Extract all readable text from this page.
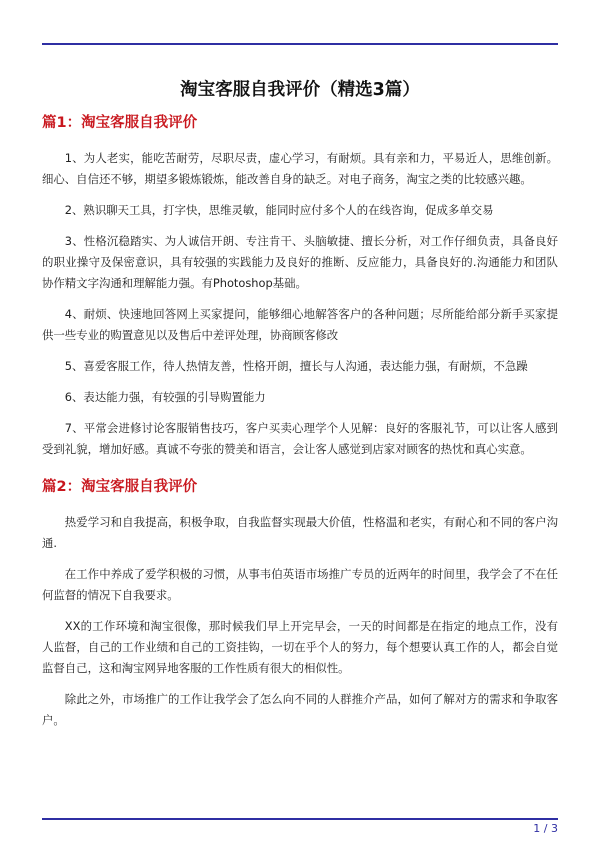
淘宝客服自我评价（精选3篇）
篇1：淘宝客服自我评价

1、为人老实，能吃苦耐劳，尽职尽责，虚心学习，有耐烦。具有亲和力，平易近人，思维创新。细心、自信还不够，期望多锻炼锻炼，能改善自身的缺乏。对电子商务，淘宝之类的比较感兴趣。

2、熟识聊天工具，打字快，思维灵敏，能同时应付多个人的在线咨询，促成多单交易

3、性格沉稳踏实、为人诚信开朗、专注肯干、头脑敏捷、擅长分析，对工作仔细负责，具备良好的职业操守及保密意识，具有较强的实践能力及良好的推断、反应能力，具备良好的.沟通能力和团队协作精文字沟通和理解能力强。有Photoshop基础。

4、耐烦、快速地回答网上买家提问，能够细心地解答客户的各种问题；尽所能给部分新手买家提供一些专业的购置意见以及售后中差评处理，协商顾客修改

5、喜爱客服工作，待人热情友善，性格开朗，擅长与人沟通，表达能力强，有耐烦，不急躁

6、表达能力强，有较强的引导购置能力

7、平常会进修讨论客服销售技巧，客户买卖心理学个人见解：良好的客服礼节，可以让客人感到受到礼貌，增加好感。真诚不夸张的赞美和语言，会让客人感觉到店家对顾客的热忱和真心实意。

篇2：淘宝客服自我评价

热爱学习和自我提高，积极争取，自我监督实现最大价值，性格温和老实，有耐心和不同的客户沟通.

在工作中养成了爱学积极的习惯，从事韦伯英语市场推广专员的近两年的时间里，我学会了不在任何监督的情况下自我要求。

XX的工作环境和淘宝很像，那时候我们早上开完早会，一天的时间都是在指定的地点工作，没有人监督，自己的工作业绩和自己的工资挂钩，一切在乎个人的努力，每个想要认真工作的人，都会自觉监督自己，这和淘宝网异地客服的工作性质有很大的相似性。

除此之外，市场推广的工作让我学会了怎么向不同的人群推介产品，如何了解对方的需求和争取客户。

1 / 3
